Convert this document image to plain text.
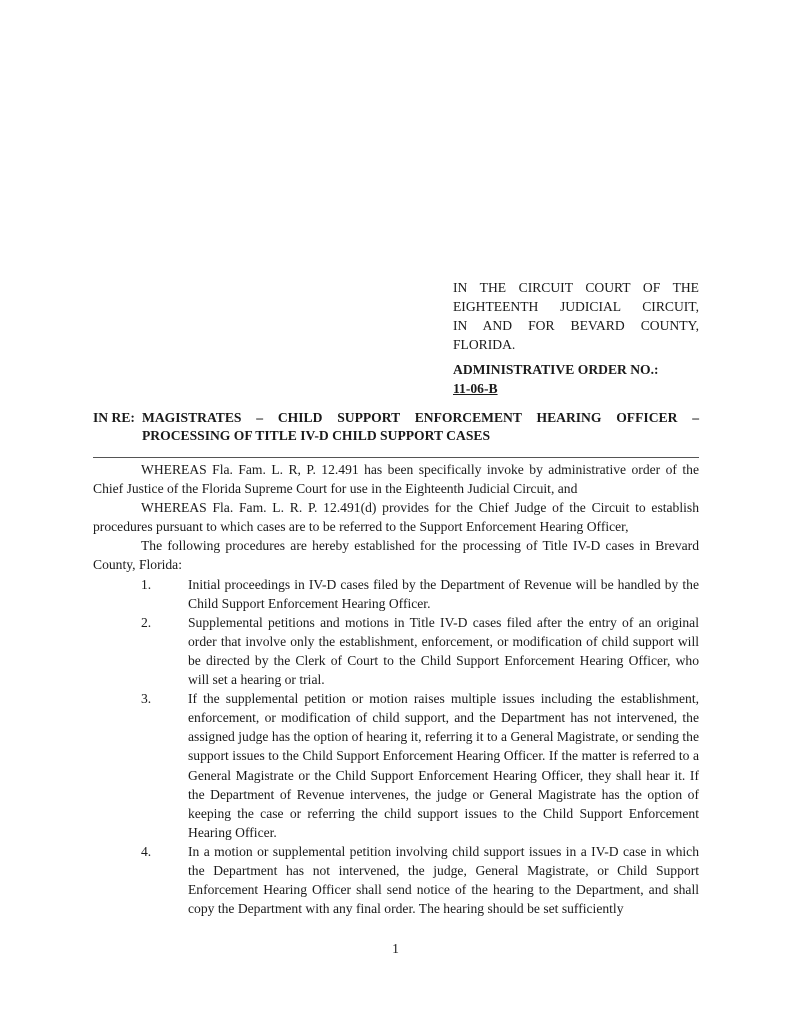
IN THE CIRCUIT COURT OF THE
EIGHTEENTH JUDICIAL CIRCUIT,
IN AND FOR BEVARD COUNTY,
FLORIDA.
ADMINISTRATIVE ORDER NO.:
11-06-B
IN RE: MAGISTRATES – CHILD SUPPORT ENFORCEMENT HEARING OFFICER –
PROCESSING OF TITLE IV-D CHILD SUPPORT CASES

WHEREAS Fla. Fam. L. R, P. 12.491 has been specifically invoke by administrative order of the Chief Justice of the Florida Supreme Court for use in the Eighteenth Judicial Circuit, and

WHEREAS Fla. Fam. L. R. P. 12.491(d) provides for the Chief Judge of the Circuit to establish procedures pursuant to which cases are to be referred to the Support Enforcement Hearing Officer,

The following procedures are hereby established for the processing of Title IV-D cases in Brevard County, Florida:

1.	Initial proceedings in IV-D cases filed by the Department of Revenue will be handled by the Child Support Enforcement Hearing Officer.
2.	Supplemental petitions and motions in Title IV-D cases filed after the entry of an original order that involve only the establishment, enforcement, or modification of child support will be directed by the Clerk of Court to the Child Support Enforcement Hearing Officer, who will set a hearing or trial.
3.	If the supplemental petition or motion raises multiple issues including the establishment, enforcement, or modification of child support, and the Department has not intervened, the assigned judge has the option of hearing it, referring it to a General Magistrate, or sending the support issues to the Child Support Enforcement Hearing Officer. If the matter is referred to a General Magistrate or the Child Support Enforcement Hearing Officer, they shall hear it. If the Department of Revenue intervenes, the judge or General Magistrate has the option of keeping the case or referring the child support issues to the Child Support Enforcement Hearing Officer.
4.	In a motion or supplemental petition involving child support issues in a IV-D case in which the Department has not intervened, the judge, General Magistrate, or Child Support Enforcement Hearing Officer shall send notice of the hearing to the Department, and shall copy the Department with any final order. The hearing should be set sufficiently
1
